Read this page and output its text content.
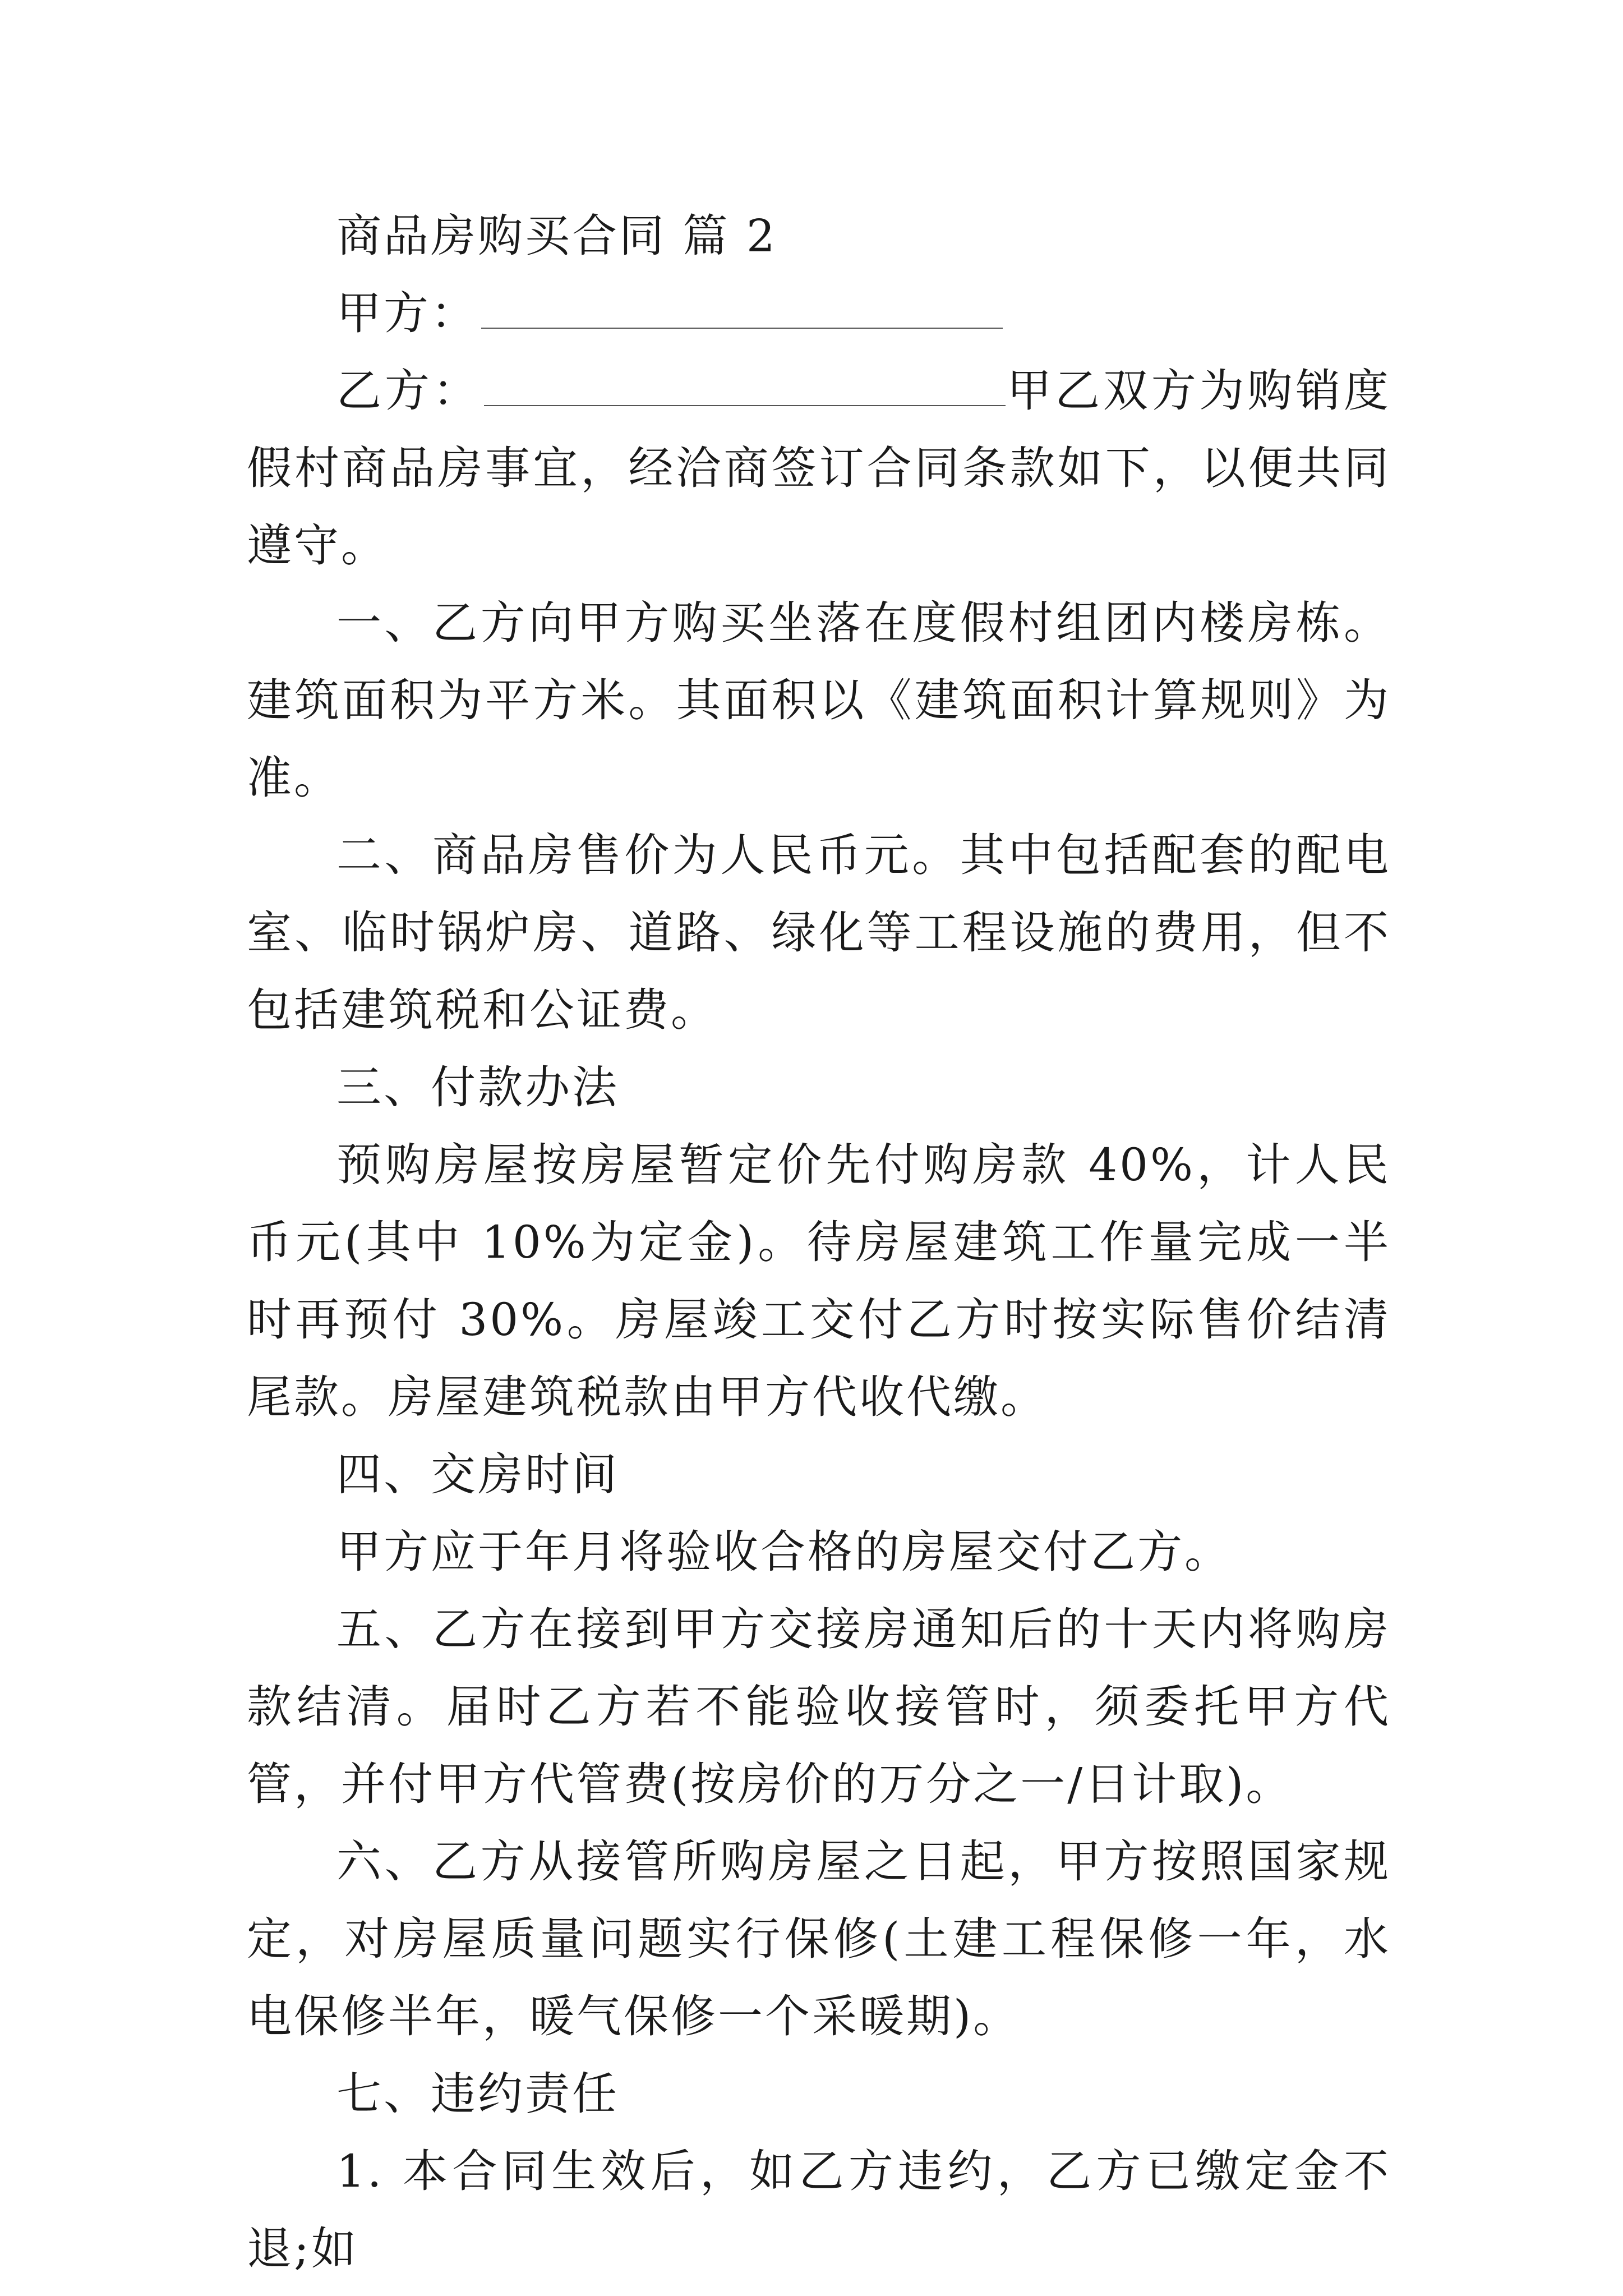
商品房购买合同 篇 2

甲方：

乙方：	甲乙双方为购销度假村商品房事宜，经洽商签订合同条款如下，以便共同遵守。

一、乙方向甲方购买坐落在度假村组团内楼房栋。建筑面积为平方米。其面积以《建筑面积计算规则》为准。

二、商品房售价为人民币元。其中包括配套的配电室、临时锅炉房、道路、绿化等工程设施的费用，但不包括建筑税和公证费。

三、付款办法

预购房屋按房屋暂定价先付购房款 40%，计人民币元(其中 10%为定金)。待房屋建筑工作量完成一半时再预付 30%。房屋竣工交付乙方时按实际售价结清尾款。房屋建筑税款由甲方代收代缴。

四、交房时间

甲方应于年月将验收合格的房屋交付乙方。

五、乙方在接到甲方交接房通知后的十天内将购房款结清。届时乙方若不能验收接管时，须委托甲方代管，并付甲方代管费(按房价的万分之一/日计取)。

六、乙方从接管所购房屋之日起，甲方按照国家规定，对房屋质量问题实行保修(土建工程保修一年，水电保修半年，暖气保修一个采暖期)。

七、违约责任

1. 本合同生效后，如乙方违约，乙方已缴定金不退;如
